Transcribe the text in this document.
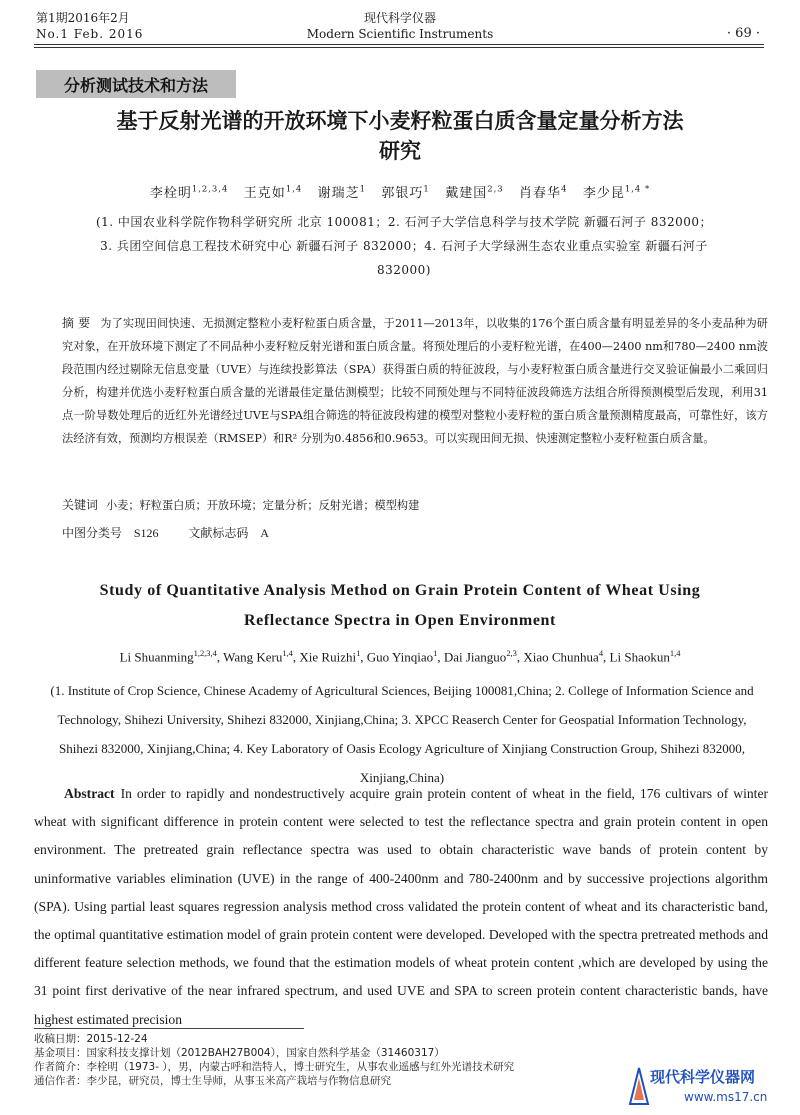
第1期2016年2月
No.1 Feb. 2016
现代科学仪器
Modern Scientific Instruments	· 69 ·
分析测试技术和方法
基于反射光谱的开放环境下小麦籽粒蛋白质含量定量分析方法
研究
李栓明$^{1,2,3,4}$ 王克如$^{1,4}$ 谢瑞芝$^1$ 郭银巧$^1$ 戴建国$^{2,3}$ 肖春华$^4$ 李少昆$^{1,4 *}$
(1. 中国农业科学院作物科学研究所 北京 100081；2. 石河子大学信息科学与技术学院 新疆石河子 832000；
3. 兵团空间信息工程技术研究中心 新疆石河子 832000；4. 石河子大学绿洲生态农业重点实验室 新疆石河子
832000)
摘 要 为了实现田间快速、无损测定整粒小麦籽粒蛋白质含量，于2011—2013年，以收集的176个蛋白质含量有明显差异的冬小麦品种为研究对象，在开放环境下测定了不同品种小麦籽粒反射光谱和蛋白质含量。将预处理后的小麦籽粒光谱，在400—2400 nm和780—2400 nm波段范围内经过剔除无信息变量（UVE）与连续投影算法（SPA）获得蛋白质的特征波段，与小麦籽粒蛋白质含量进行交叉验证偏最小二乘回归分析，构建并优选小麦籽粒蛋白质含量的光谱最佳定量估测模型；比较不同预处理与不同特征波段筛选方法组合所得预测模型后发现，利用31点一阶导数处理后的近红外光谱经过UVE与SPA组合筛选的特征波段构建的模型对整粒小麦籽粒的蛋白质含量预测精度最高，可靠性好，该方法经济有效，预测均方根误差（RMSEP）和R² 分别为0.4856和0.9653。可以实现田间无损、快速测定整粒小麦籽粒蛋白质含量。
关键词 小麦；籽粒蛋白质；开放环境；定量分析；反射光谱；模型构建
中图分类号 S126 文献标志码 A
Study of Quantitative Analysis Method on Grain Protein Content of Wheat Using
Reflectance Spectra in Open Environment
Li Shuanming$^{1,2,3,4}$, Wang Keru$^{1,4}$, Xie Ruizhi$^1$, Guo Yinqiao$^1$, Dai Jianguo$^{2,3}$, Xiao Chunhua$^4$, Li Shaokun$^{1,4}$
(1. Institute of Crop Science, Chinese Academy of Agricultural Sciences, Beijing 100081,China; 2. College of Information Science and
Technology, Shihezi University, Shihezi 832000, Xinjiang,China; 3. XPCC Reaserch Center for Geospatial Information Technology,
Shihezi 832000, Xinjiang,China; 4. Key Laboratory of Oasis Ecology Agriculture of Xinjiang Construction Group, Shihezi 832000,
Xinjiang,China)
Abstract In order to rapidly and nondestructively acquire grain protein content of wheat in the field, 176 cultivars of winter wheat with significant difference in protein content were selected to test the reflectance spectra and grain protein content in open environment. The pretreated grain reflectance spectra was used to obtain characteristic wave bands of protein content by uninformative variables elimination (UVE) in the range of 400-2400nm and 780-2400nm and by successive projections algorithm (SPA). Using partial least squares regression analysis method cross validated the protein content of wheat and its characteristic band, the optimal quantitative estimation model of grain protein content were developed. Developed with the spectra pretreated methods and different feature selection methods, we found that the estimation models of wheat protein content ,which are developed by using the 31 point first derivative of the near infrared spectrum, and used UVE and SPA to screen protein content characteristic bands, have highest estimated precision
收稿日期：2015-12-24
基金项目：国家科技支撑计划（2012BAH27B004），国家自然科学基金（31460317）
作者简介：李栓明（1973- ），男，内蒙古呼和浩特人，博士研究生，从事农业遥感与红外光谱技术研究
通信作者：李少昆，研究员，博士生导师，从事玉米高产栽培与作物信息研究	现代科学仪器网
www.ms17.cn
